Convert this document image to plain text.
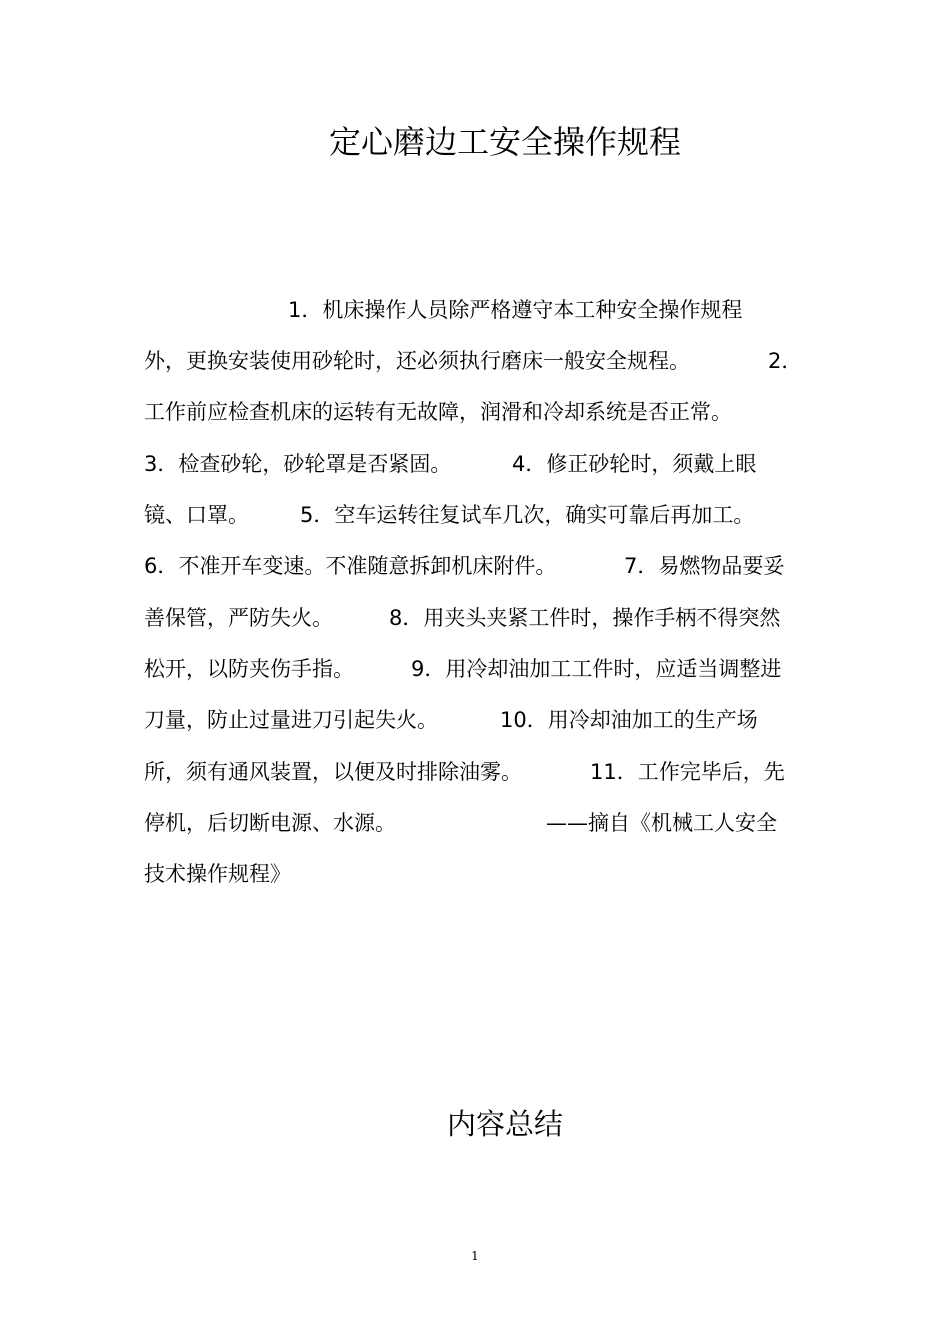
定心磨边工安全操作规程
1．机床操作人员除严格遵守本工种安全操作规程
外，更换安装使用砂轮时，还必须执行磨床一般安全规程。	2．
工作前应检查机床的运转有无故障，润滑和冷却系统是否正常。
3．检查砂轮，砂轮罩是否紧固。	4．修正砂轮时，须戴上眼
镜、口罩。 5．空车运转往复试车几次，确实可靠后再加工。
6．不准开车变速。不准随意拆卸机床附件。	7．易燃物品要妥
善保管，严防失火。	8．用夹头夹紧工件时，操作手柄不得突然
松开，以防夹伤手指。	9．用冷却油加工工件时，应适当调整进
刀量，防止过量进刀引起失火。	10．用冷却油加工的生产场
所，须有通风装置，以便及时排除油雾。	11．工作完毕后，先
停机，后切断电源、水源。	——摘自《机械工人安全
技术操作规程》
内容总结
1
